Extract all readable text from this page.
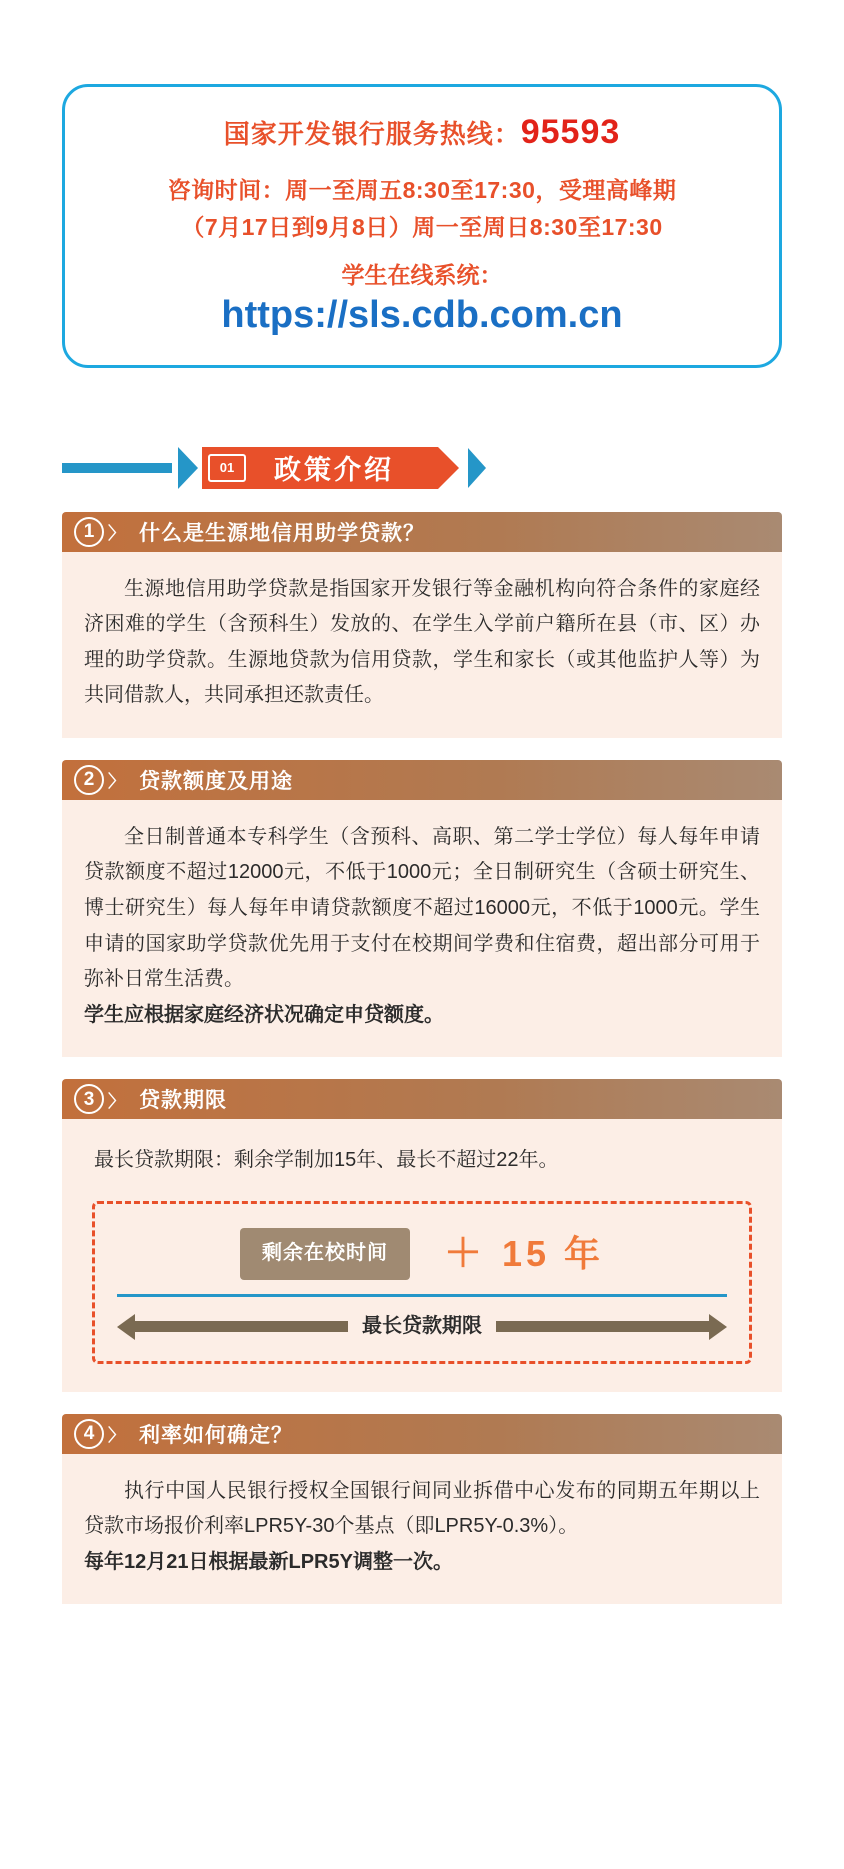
国家开发银行服务热线：95593
咨询时间：周一至周五8:30至17:30，受理高峰期
（7月17日到9月8日）周一至周日8:30至17:30
学生在线系统：
https://sls.cdb.com.cn
01	政策介绍
1 〉 什么是生源地信用助学贷款？
生源地信用助学贷款是指国家开发银行等金融机构向符合条件的家庭经济困难的学生（含预科生）发放的、在学生入学前户籍所在县（市、区）办理的助学贷款。生源地贷款为信用贷款，学生和家长（或其他监护人等）为共同借款人，共同承担还款责任。
2 〉 贷款额度及用途
全日制普通本专科学生（含预科、高职、第二学士学位）每人每年申请贷款额度不超过12000元，不低于1000元；全日制研究生（含硕士研究生、博士研究生）每人每年申请贷款额度不超过16000元，不低于1000元。学生申请的国家助学贷款优先用于支付在校期间学费和住宿费，超出部分可用于弥补日常生活费。
学生应根据家庭经济状况确定申贷额度。
3 〉 贷款期限
最长贷款期限：剩余学制加15年、最长不超过22年。
剩余在校时间	＋ 15 年
最长贷款期限
4 〉 利率如何确定？
执行中国人民银行授权全国银行间同业拆借中心发布的同期五年期以上贷款市场报价利率LPR5Y-30个基点（即LPR5Y-0.3%）。
每年12月21日根据最新LPR5Y调整一次。
